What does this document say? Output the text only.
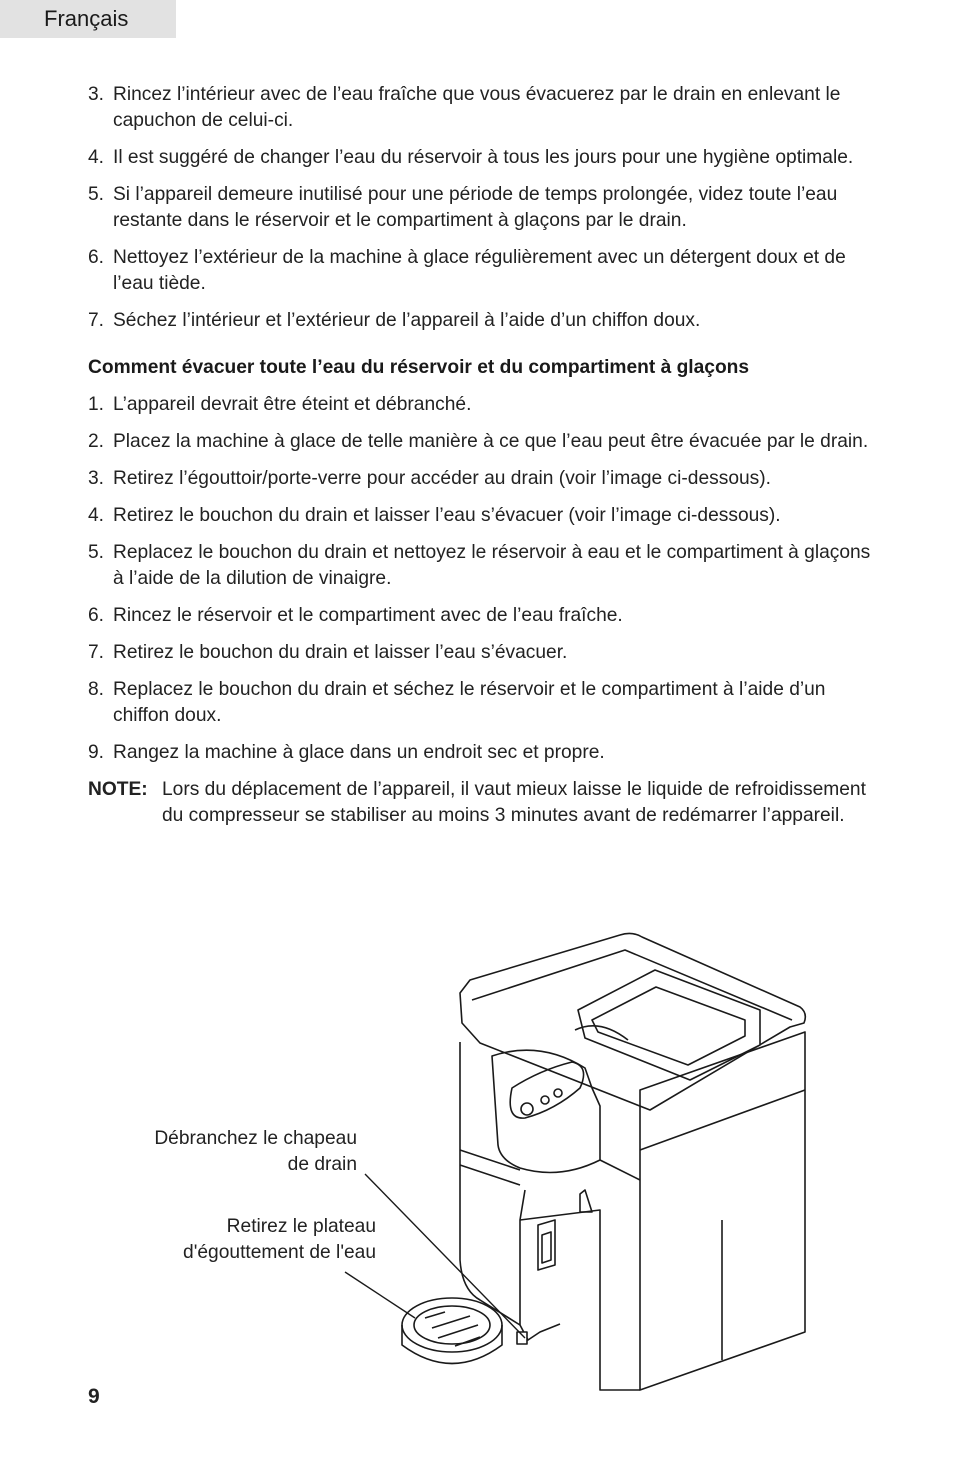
Français
3. Rincez l’intérieur avec de l’eau fraîche que vous évacuerez par le drain en enlevant le capuchon de celui-ci.
4. Il est suggéré de changer l’eau du réservoir à tous les jours pour une hygiène optimale.
5. Si l’appareil demeure inutilisé pour une période de temps prolongée, videz toute l’eau restante dans le réservoir et le compartiment à glaçons par le drain.
6. Nettoyez l’extérieur de la machine à glace régulièrement avec un détergent doux et de l’eau tiède.
7. Séchez l’intérieur et l’extérieur de l’appareil à l’aide d’un chiffon doux.
Comment évacuer toute l’eau du réservoir et du compartiment à glaçons
1. L’appareil devrait être éteint et débranché.
2. Placez la machine à glace de telle manière à ce que l’eau peut être évacuée par le drain.
3. Retirez l’égouttoir/porte-verre pour accéder au drain (voir l’image ci-dessous).
4. Retirez le bouchon du drain et laisser l’eau s’évacuer (voir l’image ci-dessous).
5. Replacez le bouchon du drain et nettoyez le réservoir à eau et le compartiment à glaçons à l’aide de la dilution de vinaigre.
6. Rincez le réservoir et le compartiment avec de l’eau fraîche.
7. Retirez le bouchon du drain et laisser l’eau s’évacuer.
8. Replacez le bouchon du drain et séchez le réservoir et le compartiment à l’aide d’un chiffon doux.
9. Rangez la machine à glace dans un endroit sec et propre.
NOTE: Lors du déplacement de l’appareil, il vaut mieux laisse le liquide de refroidissement du compresseur se stabiliser au moins 3 minutes avant de redémarrer l’appareil.
Débranchez le chapeau
de drain
Retirez le plateau
d'égouttement de l'eau
9
